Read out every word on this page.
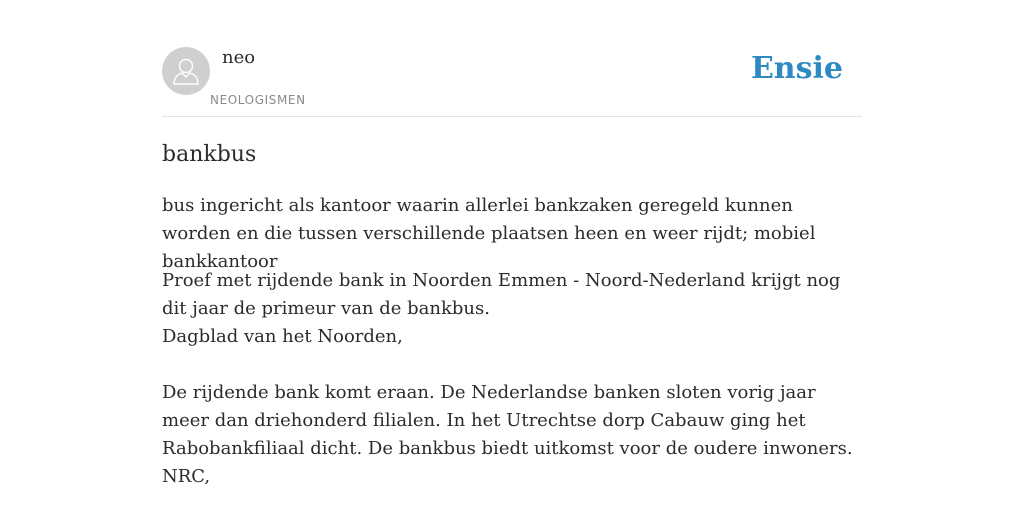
neo
NEOLOGISMEN
Ensie
bankbus
bus ingericht als kantoor waarin allerlei bankzaken geregeld kunnen worden en die tussen verschillende plaatsen heen en weer rijdt; mobiel bankkantoor

Proef met rijdende bank in Noorden Emmen - Noord-Nederland krijgt nog dit jaar de primeur van de bankbus.

Dagblad van het Noorden,

De rijdende bank komt eraan. De Nederlandse banken sloten vorig jaar meer dan driehonderd filialen. In het Utrechtse dorp Cabauw ging het Rabobankfiliaal dicht. De bankbus biedt uitkomst voor de oudere inwoners.

NRC,
